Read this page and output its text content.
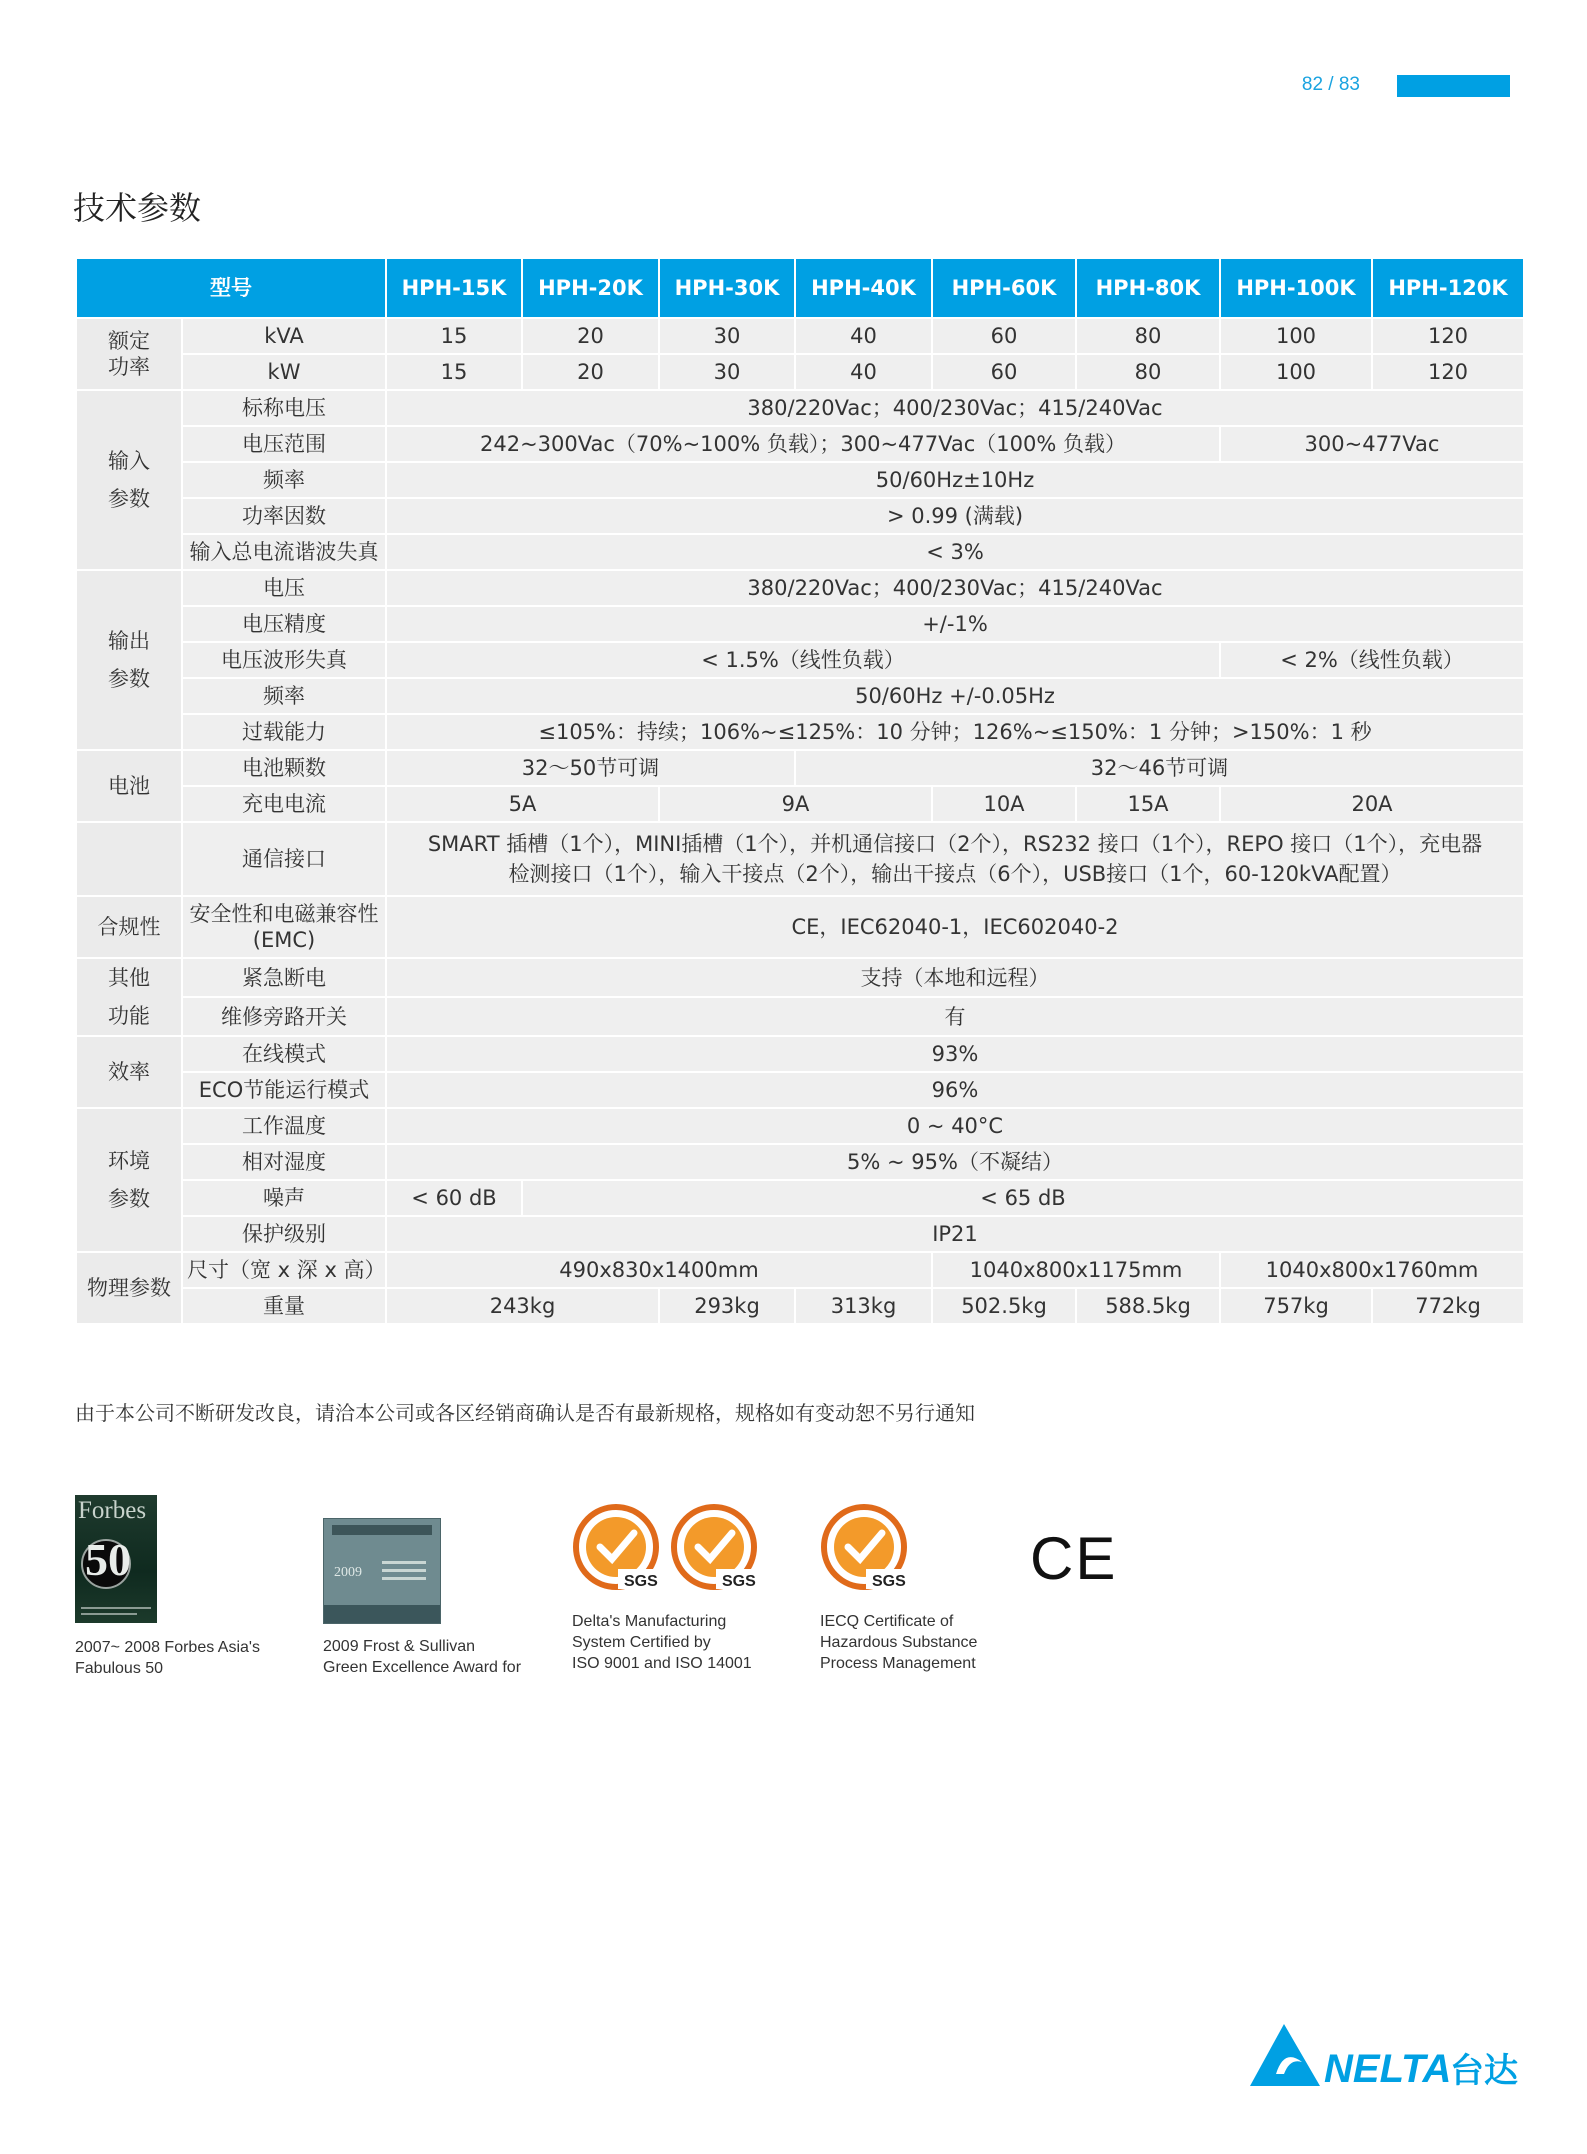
82 / 83
技术参数
型号		HPH-15K	HPH-20K	HPH-30K	HPH-40K	HPH-60K	HPH-80K	HPH-100K	HPH-120K
额定
功率	kVA	15	20	30	40	60	80	100	120
	kW	15	20	30	40	60	80	100	120
输入
参数	标称电压	380/220Vac；400/230Vac；415/240Vac							
	电压范围	242~300Vac（70%~100% 负载）；300~477Vac（100% 负载）						300~477Vac	
	频率	50/60Hz±10Hz							
	功率因数	> 0.99 (满载)							
	输入总电流谐波失真	< 3%							
输出
参数	电压	380/220Vac；400/230Vac；415/240Vac							
	电压精度	+/-1%							
	电压波形失真	< 1.5%（线性负载）						< 2%（线性负载）	
	频率	50/60Hz +/-0.05Hz							
	过载能力	≤105%：持续；106%~≤125%：10 分钟；126%~≤150%：1 分钟；>150%：1 秒							
电池	电池颗数	32～50节可调			32～46节可调				
	充电电流	5A		9A		10A	15A	20A	
	通信接口	SMART 插槽（1个），MINI插槽（1个），并机通信接口（2个），RS232 接口（1个），REPO 接口（1个），充电器
检测接口（1个），输入干接点（2个），输出干接点（6个），USB接口（1个，60-120kVA配置）							
合规性	安全性和电磁兼容性
(EMC)	CE，IEC62040-1，IEC602040-2							
其他
功能	紧急断电	支持（本地和远程）							
	维修旁路开关	有							
效率	在线模式	93%							
	ECO节能运行模式	96%							
环境
参数	工作温度	0 ~ 40°C							
	相对湿度	5% ~ 95%（不凝结）							
	噪声	< 60 dB	< 65 dB						
	保护级别	IP21							
物理参数	尺寸（宽 x 深 x 高）	490x830x1400mm				1040x800x1175mm		1040x800x1760mm	
	重量	243kg		293kg	313kg	502.5kg	588.5kg	757kg	772kg
由于本公司不断研发改良，请洽本公司或各区经销商确认是否有最新规格，规格如有变动恕不另行通知
Forbes
50
2007~ 2008 Forbes Asia's
Fabulous 50
2009
2009 Frost & Sullivan
Green Excellence Award for
SGS	SGS
Delta's Manufacturing
System Certified by
ISO 9001 and ISO 14001
SGS
IECQ Certificate of
Hazardous Substance
Process Management
CE
NELTA
台达
